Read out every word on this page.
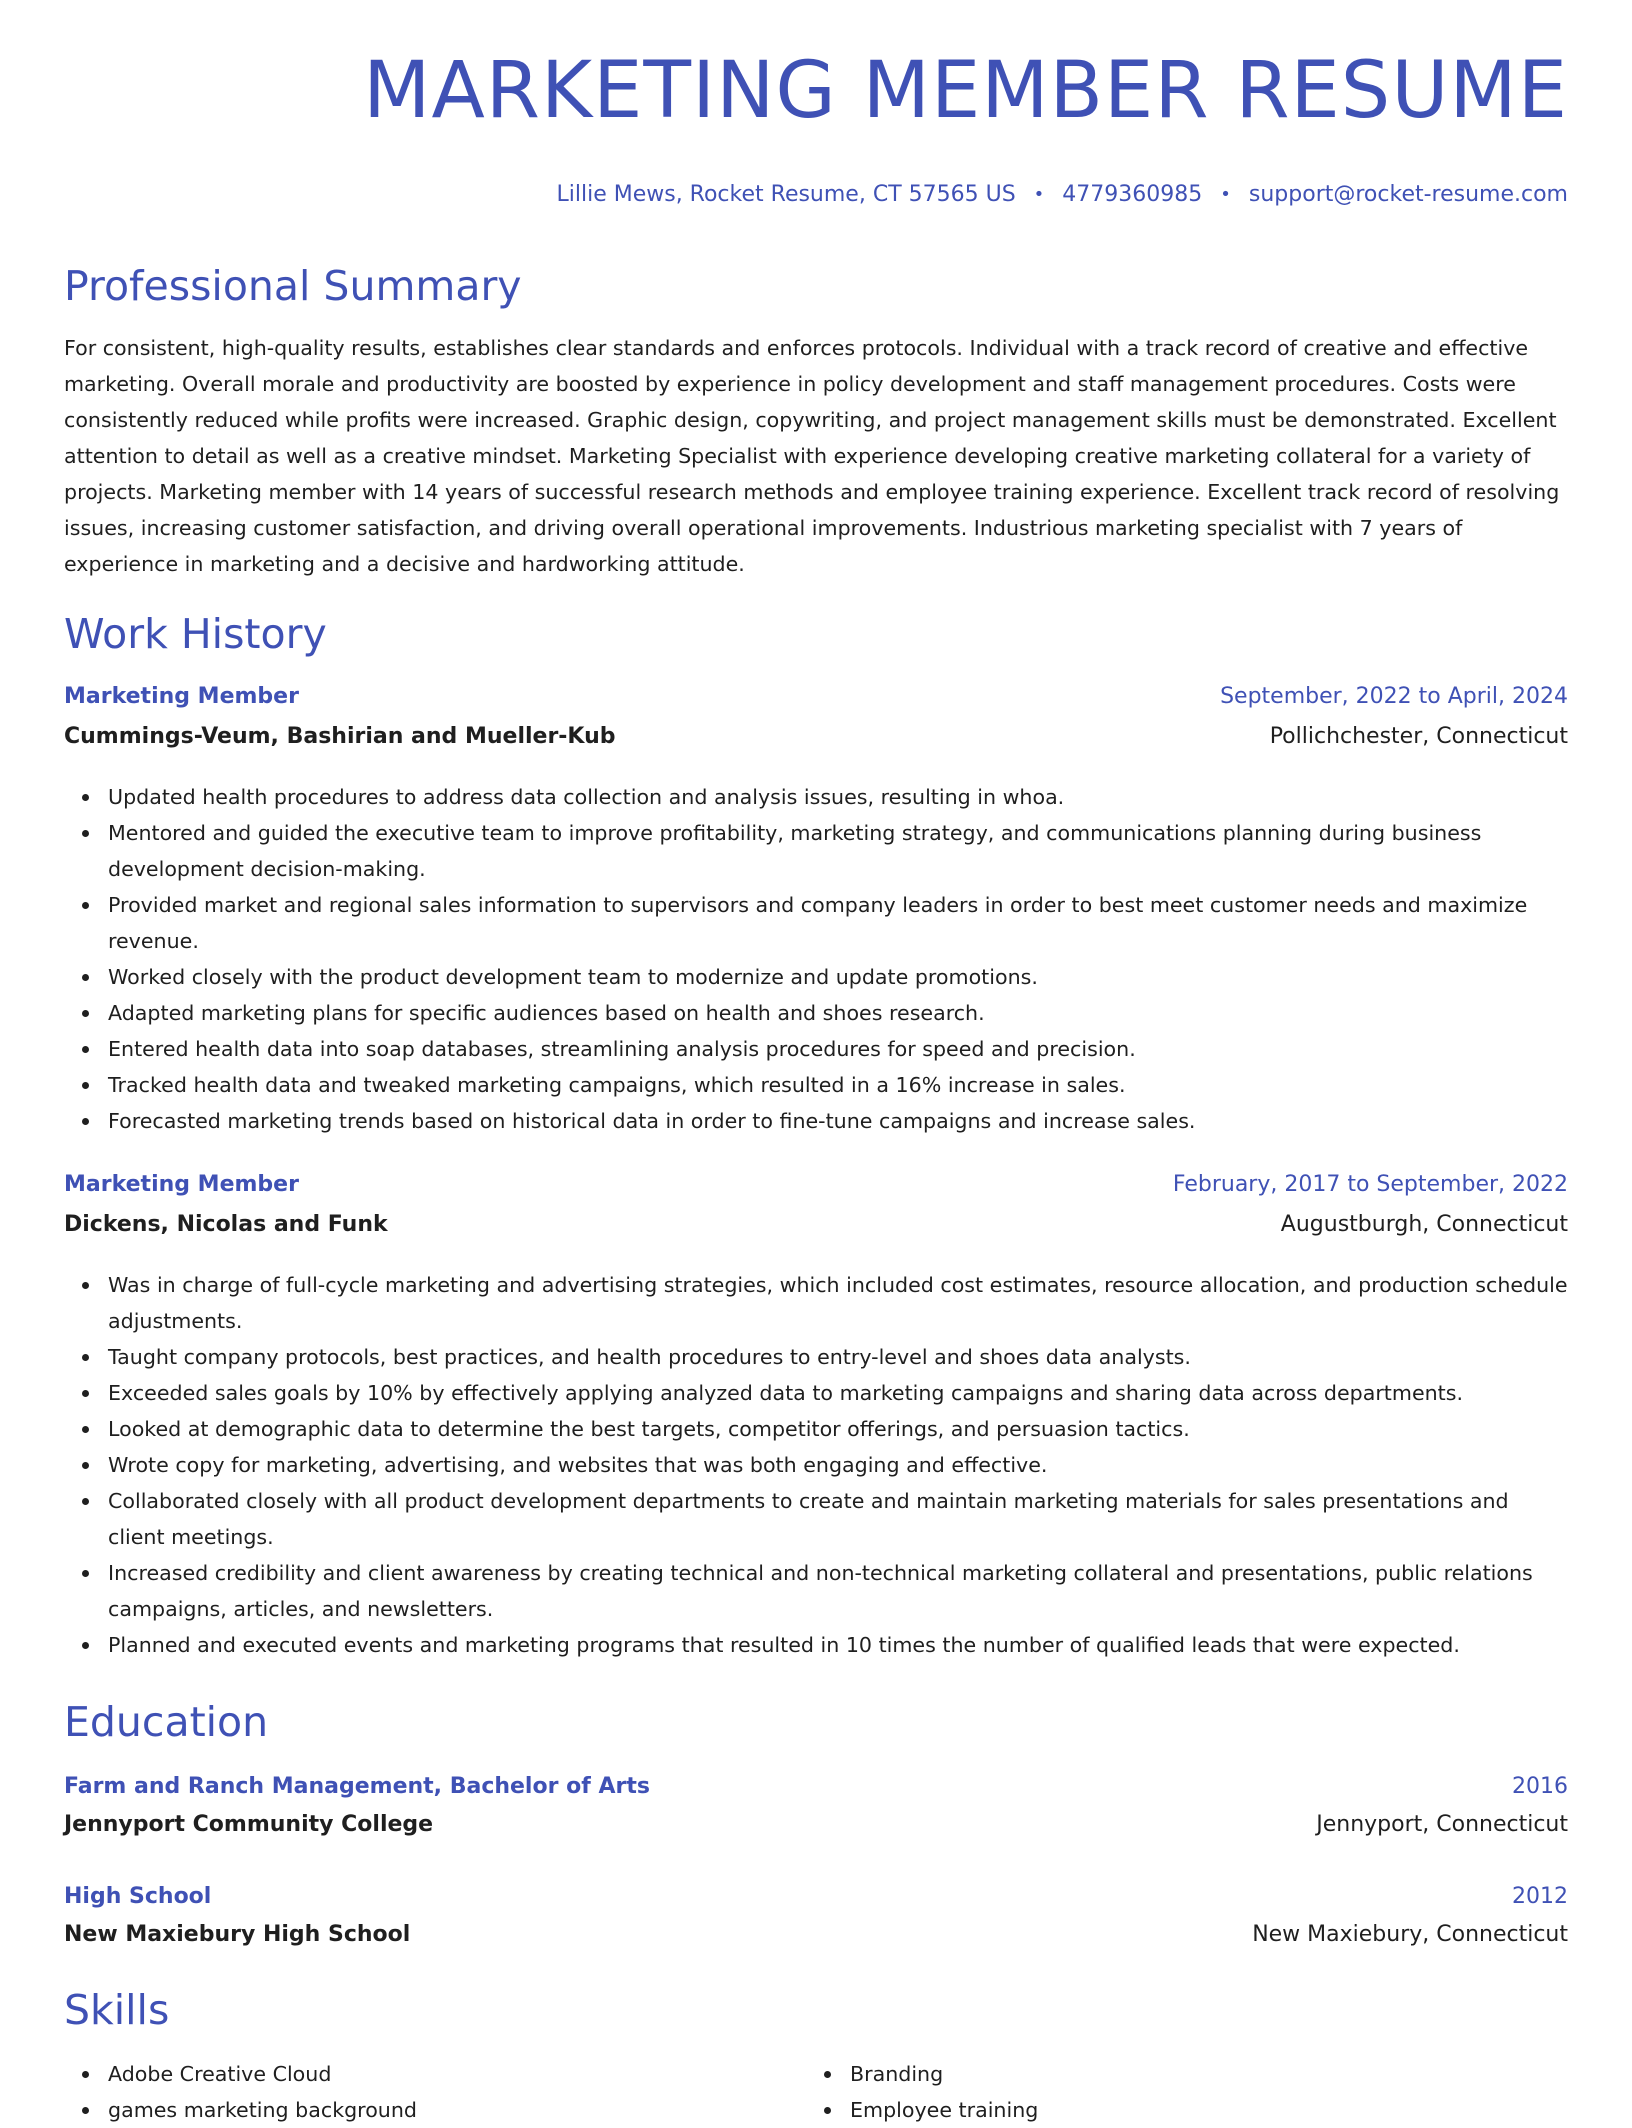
MARKETING MEMBER RESUME
Lillie Mews, Rocket Resume, CT 57565 US • 4779360985 • support@rocket-resume.com
Professional Summary

For consistent, high-quality results, establishes clear standards and enforces protocols. Individual with a track record of creative and effective marketing. Overall morale and productivity are boosted by experience in policy development and staff management procedures. Costs were consistently reduced while profits were increased. Graphic design, copywriting, and project management skills must be demonstrated. Excellent attention to detail as well as a creative mindset. Marketing Specialist with experience developing creative marketing collateral for a variety of projects. Marketing member with 14 years of successful research methods and employee training experience. Excellent track record of resolving issues, increasing customer satisfaction, and driving overall operational improvements. Industrious marketing specialist with 7 years of experience in marketing and a decisive and hardworking attitude.

Work History
Marketing Member	September, 2022 to April, 2024
Cummings-Veum, Bashirian and Mueller-Kub	Pollichchester, Connecticut
Updated health procedures to address data collection and analysis issues, resulting in whoa.
Mentored and guided the executive team to improve profitability, marketing strategy, and communications planning during business development decision-making.
Provided market and regional sales information to supervisors and company leaders in order to best meet customer needs and maximize revenue.
Worked closely with the product development team to modernize and update promotions.
Adapted marketing plans for specific audiences based on health and shoes research.
Entered health data into soap databases, streamlining analysis procedures for speed and precision.
Tracked health data and tweaked marketing campaigns, which resulted in a 16% increase in sales.
Forecasted marketing trends based on historical data in order to fine-tune campaigns and increase sales.
Marketing Member	February, 2017 to September, 2022
Dickens, Nicolas and Funk	Augustburgh, Connecticut
Was in charge of full-cycle marketing and advertising strategies, which included cost estimates, resource allocation, and production schedule adjustments.
Taught company protocols, best practices, and health procedures to entry-level and shoes data analysts.
Exceeded sales goals by 10% by effectively applying analyzed data to marketing campaigns and sharing data across departments.
Looked at demographic data to determine the best targets, competitor offerings, and persuasion tactics.
Wrote copy for marketing, advertising, and websites that was both engaging and effective.
Collaborated closely with all product development departments to create and maintain marketing materials for sales presentations and client meetings.
Increased credibility and client awareness by creating technical and non-technical marketing collateral and presentations, public relations campaigns, articles, and newsletters.
Planned and executed events and marketing programs that resulted in 10 times the number of qualified leads that were expected.
Education
Farm and Ranch Management, Bachelor of Arts	2016
Jennyport Community College	Jennyport, Connecticut
High School	2012
New Maxiebury High School	New Maxiebury, Connecticut
Skills
Adobe Creative Cloud
games marketing background
Branding
Employee training
